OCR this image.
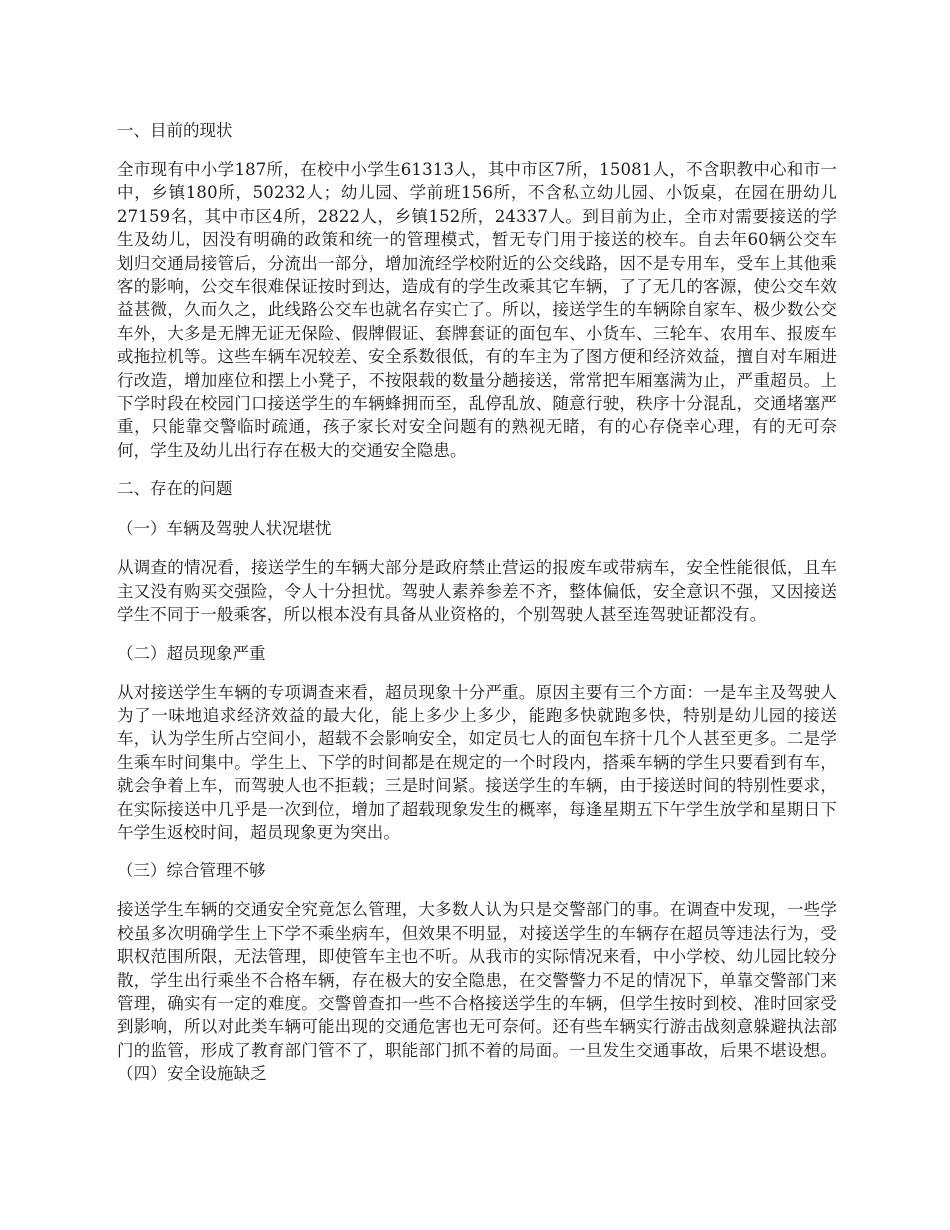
一、目前的现状

全市现有中小学187所，在校中小学生61313人，其中市区7所，15081人，不含职教中心和市一中，乡镇180所，50232人；幼儿园、学前班156所，不含私立幼儿园、小饭桌，在园在册幼儿27159名，其中市区4所，2822人，乡镇152所，24337人。到目前为止，全市对需要接送的学生及幼儿，因没有明确的政策和统一的管理模式，暂无专门用于接送的校车。自去年60辆公交车划归交通局接管后，分流出一部分，增加流经学校附近的公交线路，因不是专用车，受车上其他乘客的影响，公交车很难保证按时到达，造成有的学生改乘其它车辆，了了无几的客源，使公交车效益甚微，久而久之，此线路公交车也就名存实亡了。所以，接送学生的车辆除自家车、极少数公交车外，大多是无牌无证无保险、假牌假证、套牌套证的面包车、小货车、三轮车、农用车、报废车或拖拉机等。这些车辆车况较差、安全系数很低，有的车主为了图方便和经济效益，擅自对车厢进行改造，增加座位和摆上小凳子，不按限载的数量分趟接送，常常把车厢塞满为止，严重超员。上下学时段在校园门口接送学生的车辆蜂拥而至，乱停乱放、随意行驶，秩序十分混乱，交通堵塞严重，只能靠交警临时疏通，孩子家长对安全问题有的熟视无睹，有的心存侥幸心理，有的无可奈何，学生及幼儿出行存在极大的交通安全隐患。

二、存在的问题
（一）车辆及驾驶人状况堪忧

从调查的情况看，接送学生的车辆大部分是政府禁止营运的报废车或带病车，安全性能很低，且车主又没有购买交强险，令人十分担忧。驾驶人素养参差不齐，整体偏低，安全意识不强，又因接送学生不同于一般乘客，所以根本没有具备从业资格的，个别驾驶人甚至连驾驶证都没有。

（二）超员现象严重

从对接送学生车辆的专项调查来看，超员现象十分严重。原因主要有三个方面：一是车主及驾驶人为了一味地追求经济效益的最大化，能上多少上多少，能跑多快就跑多快，特别是幼儿园的接送车，认为学生所占空间小，超载不会影响安全，如定员七人的面包车挤十几个人甚至更多。二是学生乘车时间集中。学生上、下学的时间都是在规定的一个时段内，搭乘车辆的学生只要看到有车，就会争着上车，而驾驶人也不拒载；三是时间紧。接送学生的车辆，由于接送时间的特别性要求，在实际接送中几乎是一次到位，增加了超载现象发生的概率，每逢星期五下午学生放学和星期日下午学生返校时间，超员现象更为突出。

（三）综合管理不够

接送学生车辆的交通安全究竟怎么管理，大多数人认为只是交警部门的事。在调查中发现，一些学校虽多次明确学生上下学不乘坐病车，但效果不明显，对接送学生的车辆存在超员等违法行为，受职权范围所限，无法管理，即使管车主也不听。从我市的实际情况来看，中小学校、幼儿园比较分散，学生出行乘坐不合格车辆，存在极大的安全隐患，在交警警力不足的情况下，单靠交警部门来管理，确实有一定的难度。交警曾查扣一些不合格接送学生的车辆，但学生按时到校、准时回家受到影响，所以对此类车辆可能出现的交通危害也无可奈何。还有些车辆实行游击战刻意躲避执法部门的监管，形成了教育部门管不了，职能部门抓不着的局面。一旦发生交通事故，后果不堪设想。（四）安全设施缺乏
